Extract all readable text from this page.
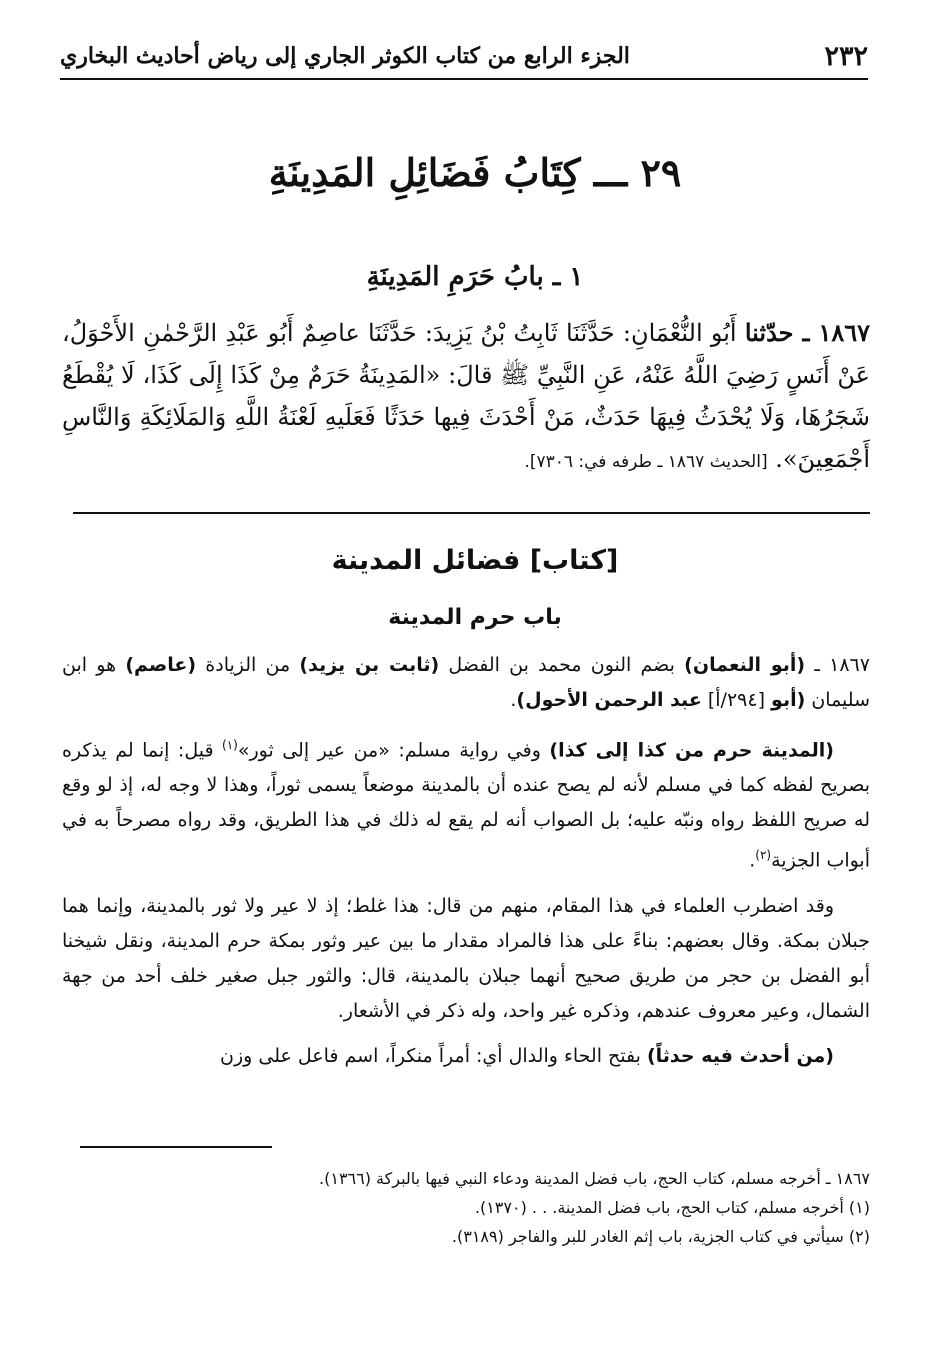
٢٣٢
الجزء الرابع من كتاب الكوثر الجاري إلى رياض أحاديث البخاري
٢٩ ـــ كِتَابُ فَضَائِلِ المَدِينَةِ
١ ـ بابُ حَرَمِ المَدِينَةِ

١٨٦٧ ـ حدّثنا أَبُو النُّعْمَانِ: حَدَّثَنَا ثَابِتُ بْنُ يَزِيدَ: حَدَّثَنَا عاصِمٌ أَبُو عَبْدِ الرَّحْمٰنِ الأَحْوَلُ، عَنْ أَنَسٍ رَضِيَ اللَّهُ عَنْهُ، عَنِ النَّبِيِّ ﷺ قالَ: «المَدِينَةُ حَرَمٌ مِنْ كَذَا إِلَى كَذَا، لَا يُقْطَعُ شَجَرُهَا، وَلَا يُحْدَثُ فِيهَا حَدَثٌ، مَنْ أَحْدَثَ فِيها حَدَثًا فَعَلَيهِ لَعْنَةُ اللَّهِ وَالمَلَائِكَةِ وَالنَّاسِ أَجْمَعِينَ». [الحديث ١٨٦٧ ـ طرفه في: ٧٣٠٦].

[كتاب] فضائل المدينة
باب حرم المدينة

١٨٦٧ ـ (أبو النعمان) بضم النون محمد بن الفضل (ثابت بن يزيد) من الزيادة (عاصم) هو ابن سليمان (أبو [٢٩٤/أ] عبد الرحمن الأحول).

(المدينة حرم من كذا إلى كذا) وفي رواية مسلم: «من عير إلى ثور»$^{(١)}$ قيل: إنما لم يذكره بصريح لفظه كما في مسلم لأنه لم يصح عنده أن بالمدينة موضعاً يسمى ثوراً، وهذا لا وجه له، إذ لو وقع له صريح اللفظ رواه ونبّه عليه؛ بل الصواب أنه لم يقع له ذلك في هذا الطريق، وقد رواه مصرحاً به في أبواب الجزية$^{(٢)}$.

وقد اضطرب العلماء في هذا المقام، منهم من قال: هذا غلط؛ إذ لا عير ولا ثور بالمدينة، وإنما هما جبلان بمكة. وقال بعضهم: بناءً على هذا فالمراد مقدار ما بين عير وثور بمكة حرم المدينة، ونقل شيخنا أبو الفضل بن حجر من طريق صحيح أنهما جبلان بالمدينة، قال: والثور جبل صغير خلف أحد من جهة الشمال، وعير معروف عندهم، وذكره غير واحد، وله ذكر في الأشعار.

(من أحدث فيه حدثاً) بفتح الحاء والدال أي: أمراً منكراً، اسم فاعل على وزن

١٨٦٧ ـ أخرجه مسلم، كتاب الحج، باب فضل المدينة ودعاء النبي فيها بالبركة (١٣٦٦).
(١) أخرجه مسلم، كتاب الحج، باب فضل المدينة. . . (١٣٧٠).
(٢) سيأتي في كتاب الجزية، باب إثم الغادر للبر والفاجر (٣١٨٩).
